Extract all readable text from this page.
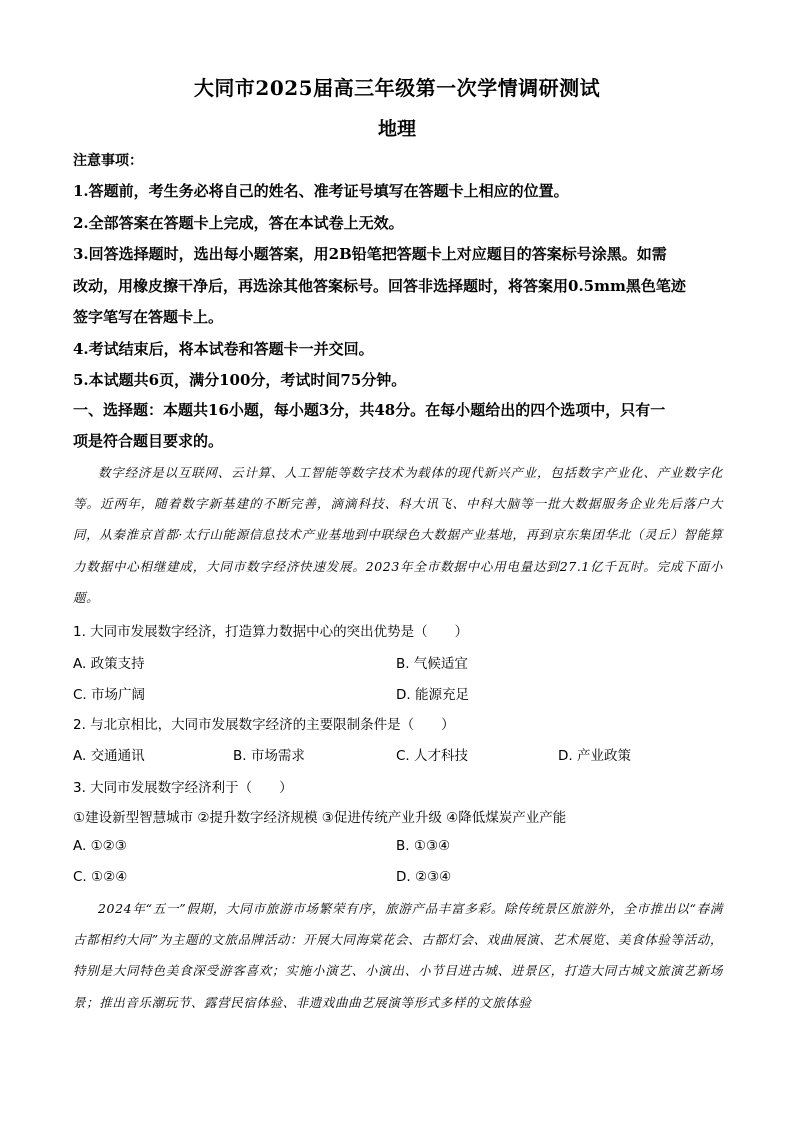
大同市2025届高三年级第一次学情调研测试
地理
注意事项：
1.答题前，考生务必将自己的姓名、准考证号填写在答题卡上相应的位置。
2.全部答案在答题卡上完成，答在本试卷上无效。
3.回答选择题时，选出每小题答案，用2B铅笔把答题卡上对应题目的答案标号涂黑。如需
改动，用橡皮擦干净后，再选涂其他答案标号。回答非选择题时，将答案用0.5mm黑色笔迹
签字笔写在答题卡上。
4.考试结束后，将本试卷和答题卡一并交回。
5.本试题共6页，满分100分，考试时间75分钟。
一、选择题：本题共16小题，每小题3分，共48分。在每小题给出的四个选项中，只有一
项是符合题目要求的。
数字经济是以互联网、云计算、人工智能等数字技术为载体的现代新兴产业，包括数字产业化、产业数字化等。近两年，随着数字新基建的不断完善，滴滴科技、科大讯飞、中科大脑等一批大数据服务企业先后落户大同，从秦淮京首都·太行山能源信息技术产业基地到中联绿色大数据产业基地，再到京东集团华北（灵丘）智能算力数据中心相继建成，大同市数字经济快速发展。2023年全市数据中心用电量达到27.1亿千瓦时。完成下面小题。
1. 大同市发展数字经济，打造算力数据中心的突出优势是（　　）
A. 政策支持	B. 气候适宜
C. 市场广阔	D. 能源充足
2. 与北京相比，大同市发展数字经济的主要限制条件是（　　）
A. 交通通讯	B. 市场需求	C. 人才科技	D. 产业政策
3. 大同市发展数字经济利于（　　）
①建设新型智慧城市 ②提升数字经济规模 ③促进传统产业升级 ④降低煤炭产业产能
A. ①②③	B. ①③④
C. ①②④	D. ②③④
2024年“五一”假期，大同市旅游市场繁荣有序，旅游产品丰富多彩。除传统景区旅游外，全市推出以“春满古都相约大同”为主题的文旅品牌活动：开展大同海棠花会、古都灯会、戏曲展演、艺术展览、美食体验等活动，特别是大同特色美食深受游客喜欢；实施小演艺、小演出、小节目进古城、进景区，打造大同古城文旅演艺新场景；推出音乐潮玩节、露营民宿体验、非遗戏曲曲艺展演等形式多样的文旅体验
